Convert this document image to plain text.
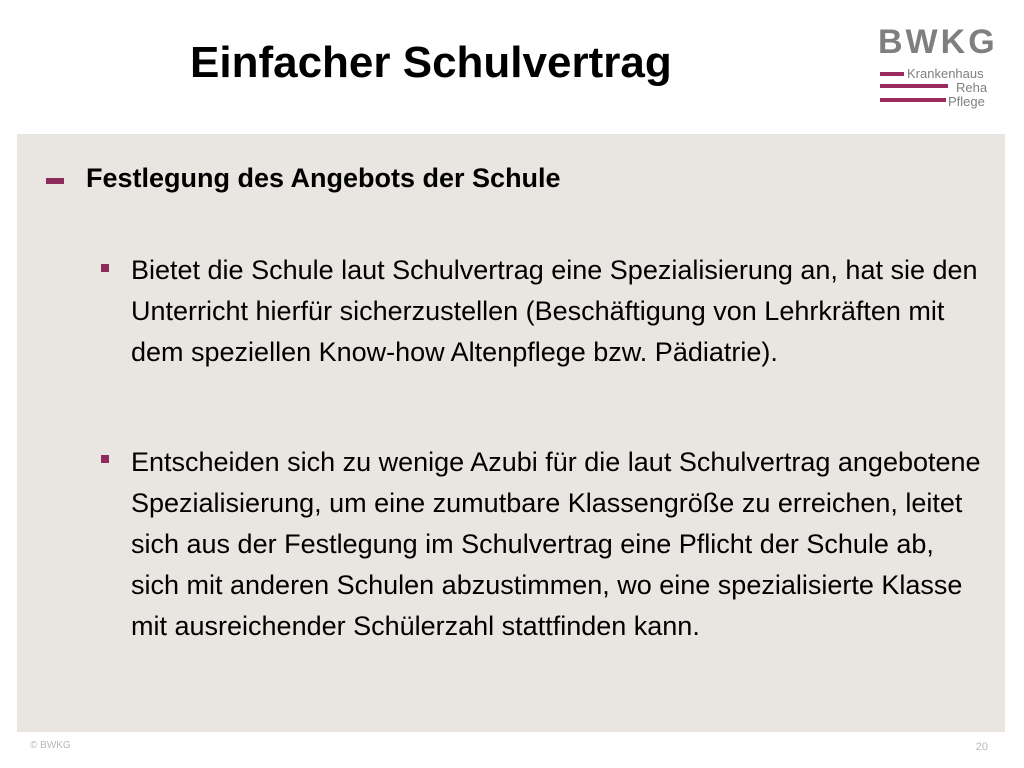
Einfacher Schulvertrag	BWKG
Krankenhaus
Reha
Pflege
Festlegung des Angebots der Schule
Bietet die Schule laut Schulvertrag eine Spezialisierung an, hat sie den Unterricht hierfür sicherzustellen (Beschäftigung von Lehrkräften mit dem speziellen Know-how Altenpflege bzw. Pädiatrie).
Entscheiden sich zu wenige Azubi für die laut Schulvertrag angebotene Spezialisierung, um eine zumutbare Klassengröße zu erreichen, leitet sich aus der Festlegung im Schulvertrag eine Pflicht der Schule ab, sich mit anderen Schulen abzustimmen, wo eine spezialisierte Klasse mit ausreichender Schülerzahl stattfinden kann.
© BWKG	20
